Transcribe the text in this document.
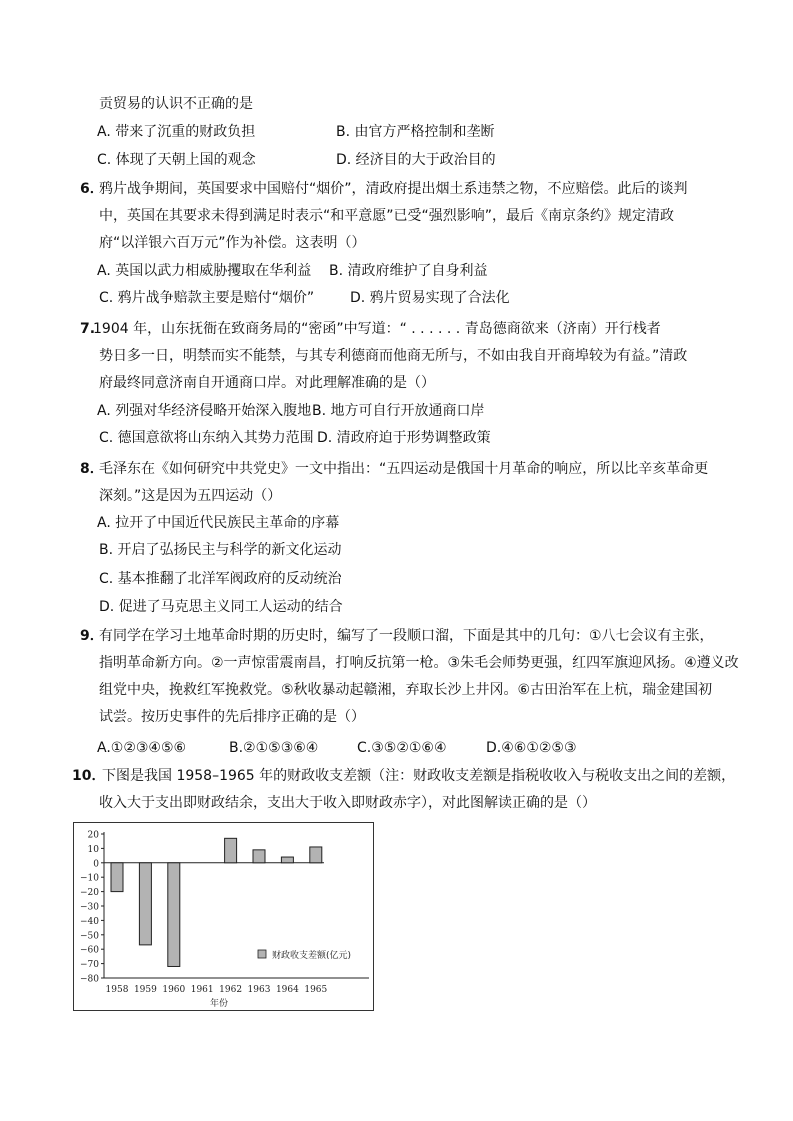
贡贸易的认识不正确的是
A. 带来了沉重的财政负担	B. 由官方严格控制和垄断
C. 体现了天朝上国的观念	D. 经济目的大于政治目的
6．
鸦片战争期间，英国要求中国赔付“烟价”，清政府提出烟土系违禁之物，不应赔偿。此后的谈判
中，英国在其要求未得到满足时表示“和平意愿”已受“强烈影响”，最后《南京条约》规定清政
府“以洋银六百万元”作为补偿。这表明（）
A. 英国以武力相威胁攫取在华利益 B. 清政府维护了自身利益
C. 鸦片战争赔款主要是赔付“烟价”	D. 鸦片贸易实现了合法化
7.
1904 年，山东抚衙在致商务局的“密函”中写道：“ . . . . . . 青岛德商欲来（济南）开行栈者
势日多一日，明禁而实不能禁，与其专利德商而他商无所与，不如由我自开商埠较为有益。”清政
府最终同意济南自开通商口岸。对此理解准确的是（）
A. 列强对华经济侵略开始深入腹地 B. 地方可自行开放通商口岸
C. 德国意欲将山东纳入其势力范围 D. 清政府迫于形势调整政策
8．
毛泽东在《如何研究中共党史》一文中指出：“五四运动是俄国十月革命的响应，所以比辛亥革命更
深刻。”这是因为五四运动（）
A. 拉开了中国近代民族民主革命的序幕
B. 开启了弘扬民主与科学的新文化运动
C. 基本推翻了北洋军阀政府的反动统治
D. 促进了马克思主义同工人运动的结合
9．
有同学在学习土地革命时期的历史时，编写了一段顺口溜，下面是其中的几句：①八七会议有主张，
指明革命新方向。②一声惊雷震南昌，打响反抗第一枪。③朱毛会师势更强，红四军旗迎风扬。④遵义改
组党中央，挽救红军挽救党。⑤秋收暴动起赣湘，弃取长沙上井冈。⑥古田治军在上杭，瑞金建国初
试尝。按历史事件的先后排序正确的是（）
A.①②③④⑤⑥	B.②①⑤③⑥④	C.③⑤②①⑥④	D.④⑥①②⑤③
10．
下图是我国 1958–1965 年的财政收支差额（注：财政收支差额是指税收收入与税收支出之间的差额，
收入大于支出即财政结余，支出大于收入即财政赤字），对此图解读正确的是（）
20
10
0
−10
−20
−30
−40
−50
−60
−70
−80
1958 1959 1960 1961 1962 1963 1964 1965
年份
财政收支差额(亿元)
